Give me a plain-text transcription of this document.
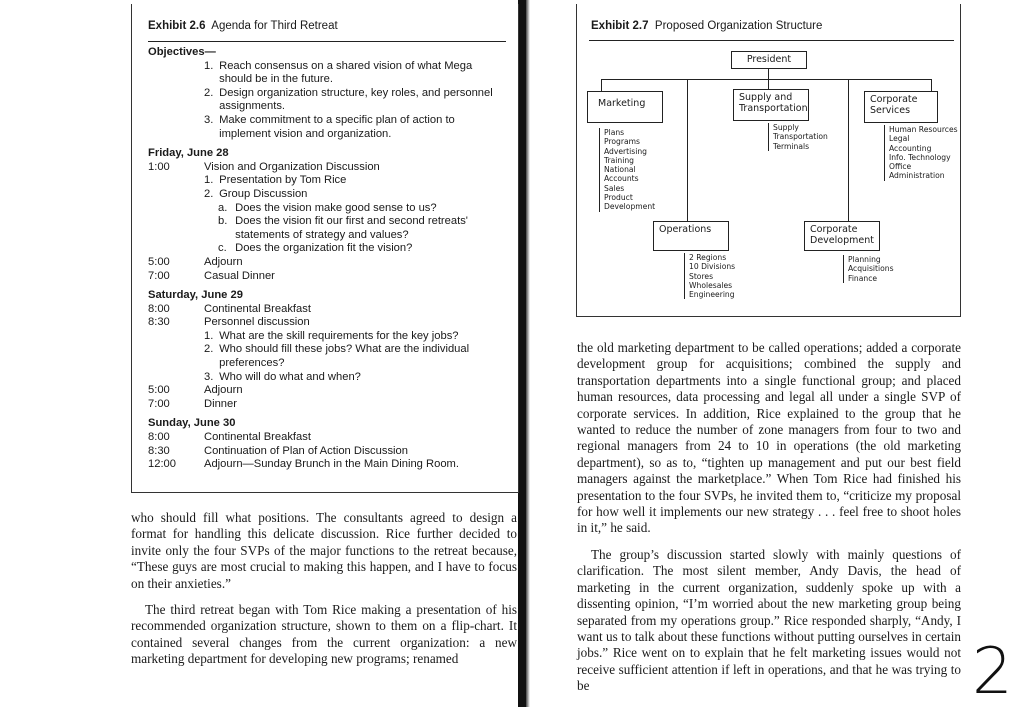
Exhibit 2.6 Agenda for Third Retreat
Objectives—
1.
Reach consensus on a shared vision of what Mega should be in the future.
2.
Design organization structure, key roles, and personnel assignments.
3.
Make commitment to a specific plan of action to implement vision and organization.
Friday, June 28
1:00	Vision and Organization Discussion
1.
Presentation by Tom Rice
2.
Group Discussion
a.
Does the vision make good sense to us?
b.
Does the vision fit our first and second retreats' statements of strategy and values?
c.
Does the organization fit the vision?
5:00	Adjourn
7:00	Casual Dinner
Saturday, June 29
8:00	Continental Breakfast
8:30	Personnel discussion
1.
What are the skill requirements for the key jobs?
2.
Who should fill these jobs? What are the individual preferences?
3.
Who will do what and when?
5:00	Adjourn
7:00	Dinner
Sunday, June 30
8:00	Continental Breakfast
8:30	Continuation of Plan of Action Discussion
12:00	Adjourn—Sunday Brunch in the Main Dining Room.

who should fill what positions. The consultants agreed to design a format for handling this delicate discussion. Rice further decided to invite only the four SVPs of the major functions to the retreat because, “These guys are most crucial to making this happen, and I have to focus on their anxieties.”

The third retreat began with Tom Rice making a presentation of his recommended organization structure, shown to them on a flip-chart. It contained several changes from the current organization: a new marketing department for developing new programs; renamed

Exhibit 2.7 Proposed Organization Structure
President
Marketing
Plans
Programs
Advertising
Training
National
Accounts
Sales
Product
Development
Supply and Transportation
Supply
Transportation
Terminals
Corporate Services
Human Resources
Legal
Accounting
Info. Technology
Office
Administration
Operations
2 Regions
10 Divisions
Stores
Wholesales
Engineering
Corporate Development
Planning
Acquisitions
Finance

the old marketing department to be called operations; added a corporate development group for acquisitions; combined the supply and transportation departments into a single functional group; and placed human resources, data processing and legal all under a single SVP of corporate services. In addition, Rice explained to the group that he wanted to reduce the number of zone managers from four to two and regional managers from 24 to 10 in operations (the old marketing department), so as to, “tighten up management and put our best field managers against the marketplace.” When Tom Rice had finished his presentation to the four SVPs, he invited them to, “criticize my proposal for how well it implements our new strategy . . . feel free to shoot holes in it,” he said.

The group’s discussion started slowly with mainly questions of clarification. The most silent member, Andy Davis, the head of marketing in the current organization, suddenly spoke up with a dissenting opinion, “I’m worried about the new marketing group being separated from my operations group.” Rice responded sharply, “Andy, I want us to talk about these functions without putting ourselves in certain jobs.” Rice went on to explain that he felt marketing issues would not receive sufficient attention if left in operations, and that he was trying to be	2
